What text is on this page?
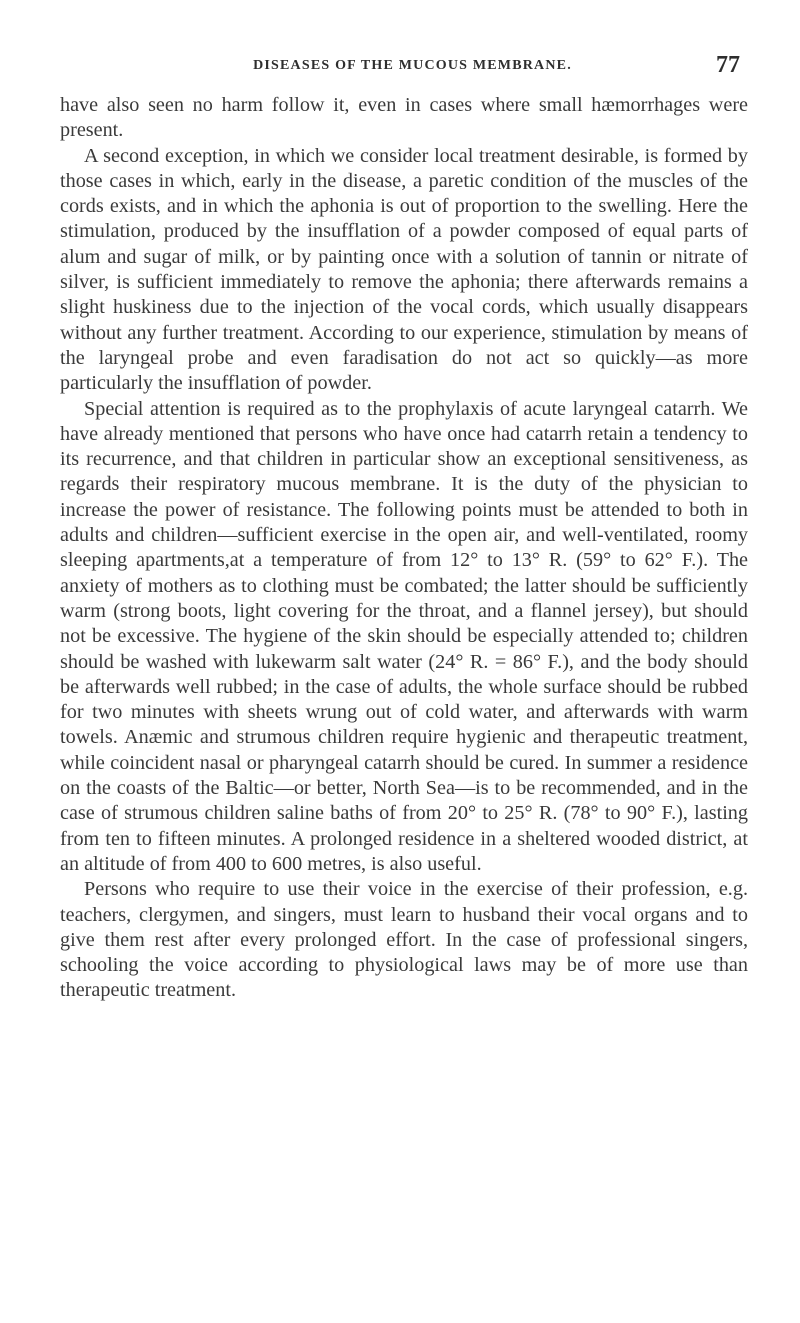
DISEASES OF THE MUCOUS MEMBRANE.	77

have also seen no harm follow it, even in cases where small hæmorrhages were present.

A second exception, in which we consider local treatment desirable, is formed by those cases in which, early in the disease, a paretic condition of the muscles of the cords exists, and in which the aphonia is out of proportion to the swelling. Here the stimulation, produced by the insufflation of a powder composed of equal parts of alum and sugar of milk, or by painting once with a solution of tannin or nitrate of silver, is sufficient immediately to remove the aphonia; there afterwards remains a slight huskiness due to the injection of the vocal cords, which usually disappears without any further treatment. According to our experience, stimulation by means of the laryngeal probe and even faradisation do not act so quickly—as more particularly the insufflation of powder.

Special attention is required as to the prophylaxis of acute laryngeal catarrh. We have already mentioned that persons who have once had catarrh retain a tendency to its recurrence, and that children in particular show an exceptional sensitiveness, as regards their respiratory mucous membrane. It is the duty of the physician to increase the power of resistance. The following points must be attended to both in adults and children—sufficient exercise in the open air, and well-ventilated, roomy sleeping apartments,at a temperature of from 12° to 13° R. (59° to 62° F.). The anxiety of mothers as to clothing must be combated; the latter should be sufficiently warm (strong boots, light covering for the throat, and a flannel jersey), but should not be excessive. The hygiene of the skin should be especially attended to; children should be washed with lukewarm salt water (24° R. = 86° F.), and the body should be afterwards well rubbed; in the case of adults, the whole surface should be rubbed for two minutes with sheets wrung out of cold water, and afterwards with warm towels. Anæmic and strumous children require hygienic and therapeutic treatment, while coincident nasal or pharyngeal catarrh should be cured. In summer a residence on the coasts of the Baltic—or better, North Sea—is to be recommended, and in the case of strumous children saline baths of from 20° to 25° R. (78° to 90° F.), lasting from ten to fifteen minutes. A prolonged residence in a sheltered wooded district, at an altitude of from 400 to 600 metres, is also useful.

Persons who require to use their voice in the exercise of their profession, e.g. teachers, clergymen, and singers, must learn to husband their vocal organs and to give them rest after every prolonged effort. In the case of professional singers, schooling the voice according to physiological laws may be of more use than therapeutic treatment.
